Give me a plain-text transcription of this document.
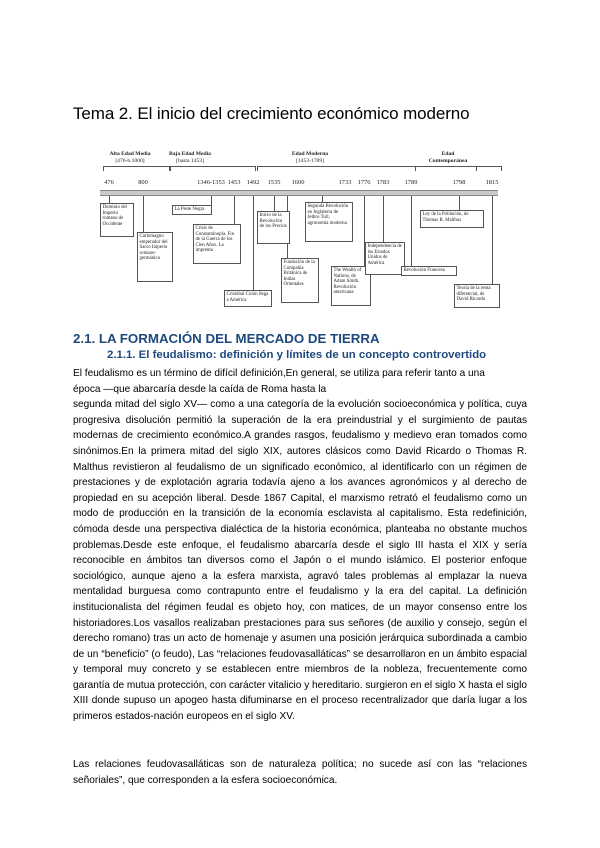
Tema 2. El inicio del crecimiento económico moderno
Alta Edad Media
[476-h.1000]
Baja Edad Media
[hasta 1453]
Edad Moderna
[1453-1789]
Edad
Contemporánea
476	800	1346-1353 1453 1492 1535 1600	1733 1776 1783 1789	1798	1815
Dominio del Imperio romano de Occidente
Carlomagno emperador del Sacro Imperio romano-germánico
La Peste Negra
Crisis de Constantinopla. Fin de la Guerra de los Cien Años. La imprenta
Cristóbal Colón llega a América
Inicio de la Revolución de los Precios
Fundación de la Compañía Británica de Indias Orientales
Segunda Revolución en Inglaterra de Jethro Tull, agronomía moderna
The Wealth of Nations, de Adam Smith. Revolución americana
Independencia de los Estados Unidos de América
Revolución Francesa
Ley de la Población, de Thomas R. Malthus
Teoría de la renta diferencial, de David Ricardo
2.1. LA FORMACIÓN DEL MERCADO DE TIERRA
2.1.1. El feudalismo: definición y límites de un concepto controvertido
El feudalismo es un término de difícil definición,En general, se utiliza para referir tanto a una
época —que abarcaría desde la caída de Roma hasta la
segunda mitad del siglo XV— como a una categoría de la evolución socioeconómica y política, cuya progresiva disolución permitió la superación de la era preindustrial y el surgimiento de pautas modernas de crecimiento económico.A grandes rasgos, feudalismo y medievo eran tomados como sinónimos.En la primera mitad del siglo XIX, autores clásicos como David Ricardo o Thomas R. Malthus revistieron al feudalismo de un significado económico, al identificarlo con un régimen de prestaciones y de explotación agraria todavía ajeno a los avances agronómicos y al derecho de propiedad en su acepción liberal. Desde 1867 Capital, el marxismo retrató el feudalismo como un modo de producción en la transición de la economía esclavista al capitalismo. Esta redefinición, cómoda desde una perspectiva dialéctica de la historia económica, planteaba no obstante muchos problemas.Desde este enfoque, el feudalismo abarcaría desde el siglo III hasta el XIX y sería reconocible en ámbitos tan diversos como el Japón o el mundo islámico. El posterior enfoque sociológico, aunque ajeno a la esfera marxista, agravó tales problemas al emplazar la nueva mentalidad burguesa como contrapunto entre el feudalismo y la era del capital. La definición institucionalista del régimen feudal es objeto hoy, con matices, de un mayor consenso entre los historiadores.Los vasallos realizaban prestaciones para sus señores (de auxilio y consejo, según el derecho romano) tras un acto de homenaje y asumen una posición jerárquica subordinada a cambio de un “beneficio” (o feudo), Las “relaciones feudovasalláticas” se desarrollaron en un ámbito espacial y temporal muy concreto y se establecen entre miembros de la nobleza, frecuentemente como garantía de mutua protección, con carácter vitalicio y hereditario. surgieron en el siglo X hasta el siglo XIII donde supuso un apogeo hasta difuminarse en el proceso recentralizador que daría lugar a los primeros estados-nación europeos en el siglo XV.

Las relaciones feudovasalláticas son de naturaleza política; no sucede así con las “relaciones señoriales”, que corresponden a la esfera socioeconómica.
